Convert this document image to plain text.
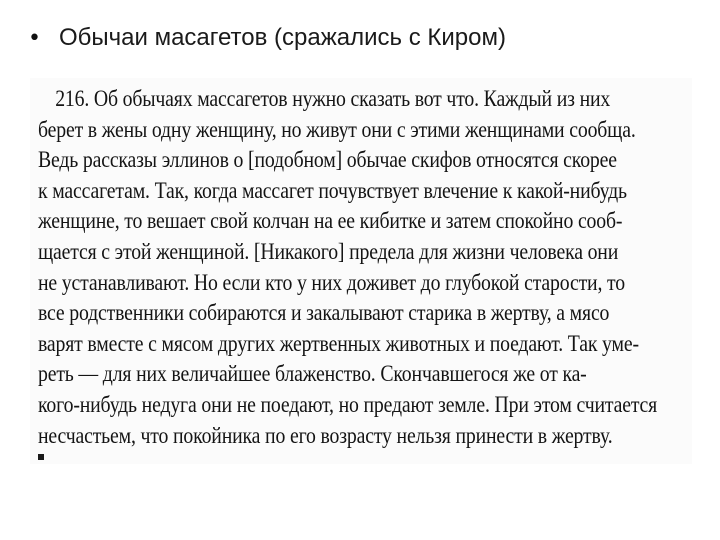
• Обычаи масагетов (сражались с Киром)
216. Об обычаях массагетов нужно сказать вот что. Каждый из них
берет в жены одну женщину, но живут они с этими женщинами сообща.
Ведь рассказы эллинов о [подобном] обычае скифов относятся скорее
к массагетам. Так, когда массагет почувствует влечение к какой-нибудь
женщине, то вешает свой колчан на ее кибитке и затем спокойно сооб-
щается с этой женщиной. [Никакого] предела для жизни человека они
не устанавливают. Но если кто у них доживет до глубокой старости, то
все родственники собираются и закалывают старика в жертву, а мясо
варят вместе с мясом других жертвенных животных и поедают. Так уме-
реть — для них величайшее блаженство. Скончавшегося же от ка-
кого-нибудь недуга они не поедают, но предают земле. При этом считается
несчастьем, что покойника по его возрасту нельзя принести в жертву.
